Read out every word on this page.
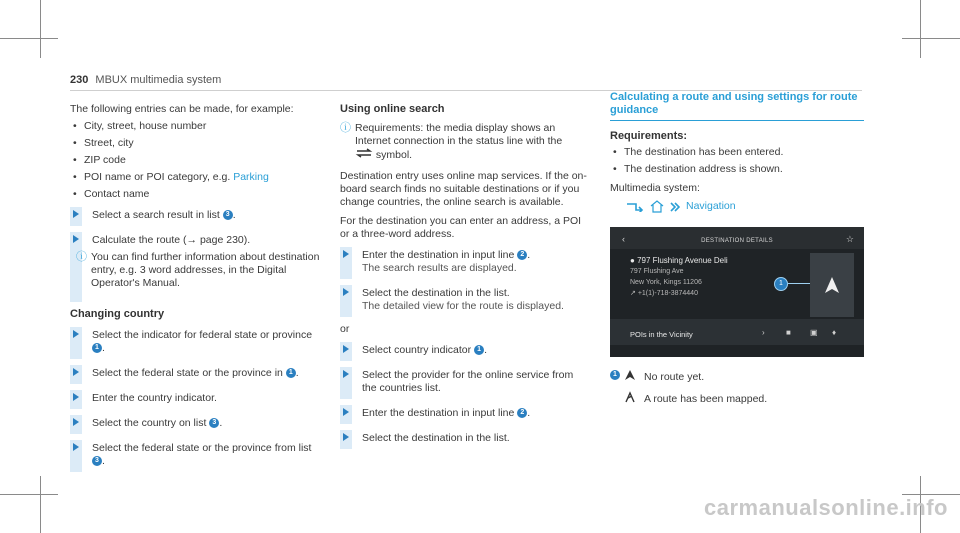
230 MBUX multimedia system

The following entries can be made, for example:

• City, street, house number
• Street, city
• ZIP code
• POI name or POI category, e.g. Parking
• Contact name
Select a search result in list 3 .
Calculate the route (→ page 230).
ⓘ You can find further information about destination entry, e.g. 3 word addresses, in the Digital Operator's Manual.
Changing country
Select the indicator for federal state or province 1 .
Select the federal state or the province in 1 .
Enter the country indicator.
Select the country on list 3 .
Select the federal state or the province from list 3 .
Using online search
ⓘ Requirements: the media display shows an Internet connection in the status line with the
symbol.

Destination entry uses online map services. If the on-board search finds no suitable destinations or if you change countries, the online search is available.

For the destination you can enter an address, a POI or a three-word address.

Enter the destination in input line 2 .
The search results are displayed.
Select the destination in the list.
The detailed view for the route is displayed.
or
Select country indicator 1 .
Select the provider for the online service from the countries list.
Enter the destination in input line 2 .
Select the destination in the list.
Calculating a route and using settings for route guidance
Requirements:
• The destination has been entered.
• The destination address is shown.

Multimedia system:

Navigation
‹	DESTINATION DETAILS	☆
● 797 Flushing Avenue Deli
797 Flushing Ave
New York, Kings 11206
↗ +1(1)-718-3874440
1
POIs in the Vicinity	›	■ ▣ ♦
1	No route yet.
A route has been mapped.
carmanualsonline.info
